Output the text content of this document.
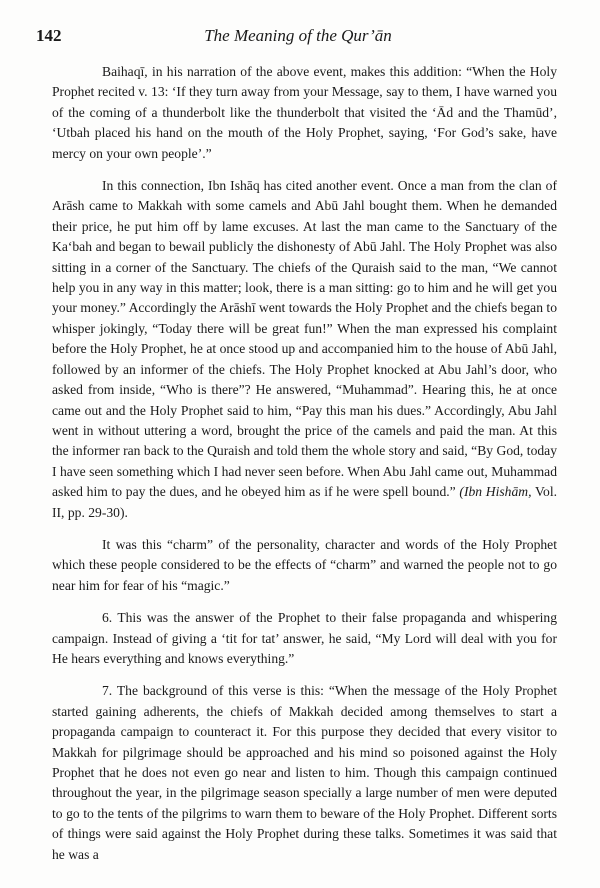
142	The Meaning of the Qur’ān

Baihaqī, in his narration of the above event, makes this addition: “When the Holy Prophet recited v. 13: ‘If they turn away from your Message, say to them, I have warned you of the coming of a thunderbolt like the thunderbolt that visited the ‘Ād and the Thamūd’, ‘Utbah placed his hand on the mouth of the Holy Prophet, saying, ‘For God’s sake, have mercy on your own people’.”

In this connection, Ibn Ishāq has cited another event. Once a man from the clan of Arāsh came to Makkah with some camels and Abū Jahl bought them. When he demanded their price, he put him off by lame excuses. At last the man came to the Sanctuary of the Ka‘bah and began to bewail publicly the dishonesty of Abū Jahl. The Holy Prophet was also sitting in a corner of the Sanctuary. The chiefs of the Quraish said to the man, “We cannot help you in any way in this matter; look, there is a man sitting: go to him and he will get you your money.” Accordingly the Arāshī went towards the Holy Prophet and the chiefs began to whisper jokingly, “Today there will be great fun!” When the man expressed his complaint before the Holy Prophet, he at once stood up and accompanied him to the house of Abū Jahl, followed by an informer of the chiefs. The Holy Prophet knocked at Abu Jahl’s door, who asked from inside, “Who is there”? He answered, “Muhammad”. Hearing this, he at once came out and the Holy Prophet said to him, “Pay this man his dues.” Accordingly, Abu Jahl went in without uttering a word, brought the price of the camels and paid the man. At this the informer ran back to the Quraish and told them the whole story and said, “By God, today I have seen something which I had never seen before. When Abu Jahl came out, Muhammad asked him to pay the dues, and he obeyed him as if he were spell bound.” (Ibn Hishām, Vol. II, pp. 29-30).

It was this “charm” of the personality, character and words of the Holy Prophet which these people considered to be the effects of “charm” and warned the people not to go near him for fear of his “magic.”

6. This was the answer of the Prophet to their false propaganda and whispering campaign. Instead of giving a ‘tit for tat’ answer, he said, “My Lord will deal with you for He hears everything and knows everything.”

7. The background of this verse is this: “When the message of the Holy Prophet started gaining adherents, the chiefs of Makkah decided among themselves to start a propaganda campaign to counteract it. For this purpose they decided that every visitor to Makkah for pilgrimage should be approached and his mind so poisoned against the Holy Prophet that he does not even go near and listen to him. Though this campaign continued throughout the year, in the pilgrimage season specially a large number of men were deputed to go to the tents of the pilgrims to warn them to beware of the Holy Prophet. Different sorts of things were said against the Holy Prophet during these talks. Sometimes it was said that he was a
